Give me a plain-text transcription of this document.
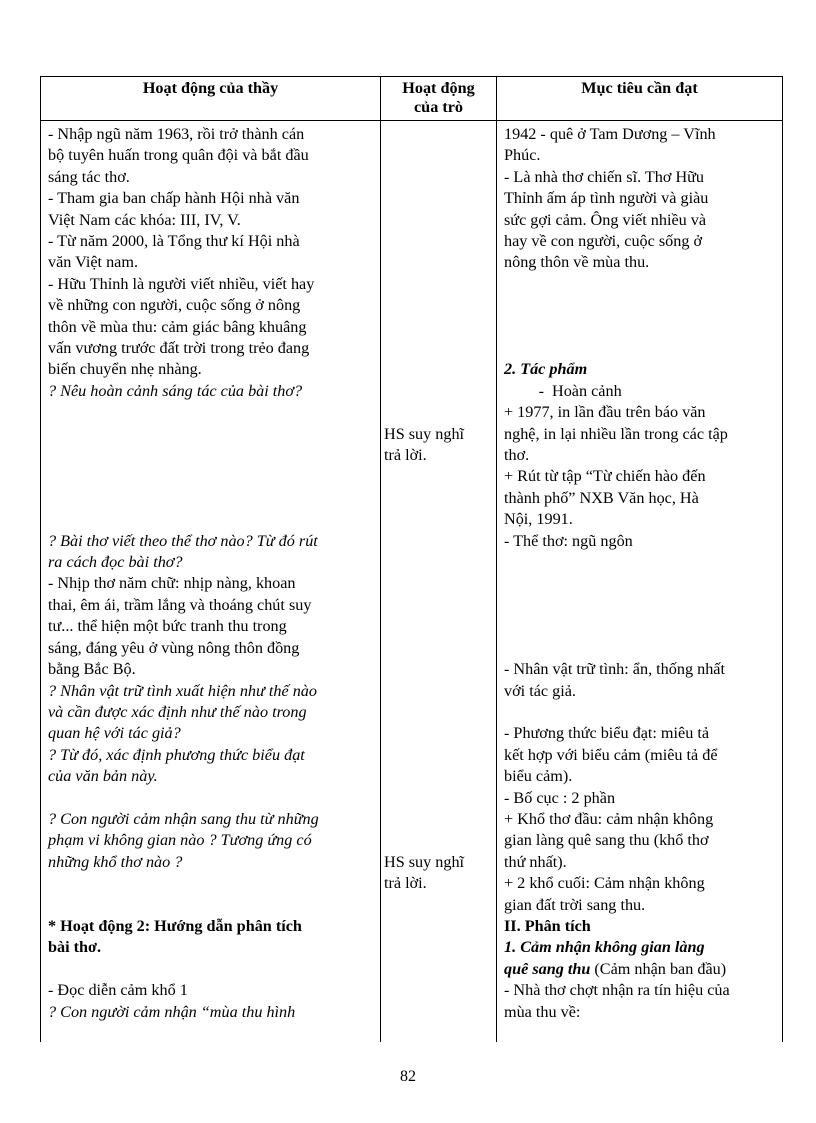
Hoạt động của thầy	Hoạt động
của trò
Mục tiêu cần đạt
- Nhập ngũ năm 1963, rồi trở thành cán
bộ tuyên huấn trong quân đội và bắt đầu
sáng tác thơ.
- Tham gia ban chấp hành Hội nhà văn
Việt Nam các khóa: III, IV, V.
- Từ năm 2000, là Tổng thư kí Hội nhà
văn Việt nam.
- Hữu Thỉnh là người viết nhiều, viết hay
về những con người, cuộc sống ở nông
thôn về mùa thu: cảm giác bâng khuâng
vấn vương trước đất trời trong trẻo đang
biến chuyển nhẹ nhàng.
? Nêu hoàn cảnh sáng tác của bài thơ?
? Bài thơ viết theo thể thơ nào? Từ đó rút
ra cách đọc bài thơ?
- Nhịp thơ năm chữ: nhịp nàng, khoan
thai, êm ái, trầm lắng và thoáng chút suy
tư... thể hiện một bức tranh thu trong
sáng, đáng yêu ở vùng nông thôn đồng
bằng Bắc Bộ.
? Nhân vật trữ tình xuất hiện như thế nào
và cần được xác định như thế nào trong
quan hệ với tác giả?
? Từ đó, xác định phương thức biểu đạt
của văn bản này.
? Con người cảm nhận sang thu từ những
phạm vi không gian nào ? Tương ứng có
những khổ thơ nào ?
* Hoạt động 2: Hướng dẫn phân tích
bài thơ.
- Đọc diễn cảm khổ 1
? Con người cảm nhận “mùa thu hình
HS suy nghĩ
trả lời.
HS suy nghĩ
trả lời.
1942 - quê ở Tam Dương – Vĩnh
Phúc.
- Là nhà thơ chiến sĩ. Thơ Hữu
Thỉnh ấm áp tình người và giàu
sức gợi cảm. Ông viết nhiều và
hay về con người, cuộc sống ở
nông thôn về mùa thu.
2. Tác phẩm
- Hoàn cảnh
+ 1977, in lần đầu trên báo văn
nghệ, in lại nhiều lần trong các tập
thơ.
+ Rút từ tập “Từ chiến hào đến
thành phố” NXB Văn học, Hà
Nội, 1991.
- Thể thơ: ngũ ngôn
- Nhân vật trữ tình: ẩn, thống nhất
với tác giả.
- Phương thức biểu đạt: miêu tả
kết hợp với biểu cảm (miêu tả để
biểu cảm).
- Bố cục : 2 phần
+ Khổ thơ đầu: cảm nhận không
gian làng quê sang thu (khổ thơ
thứ nhất).
+ 2 khổ cuối: Cảm nhận không
gian đất trời sang thu.
II. Phân tích
1. Cảm nhận không gian làng
quê sang thu (Cảm nhận ban đầu)
- Nhà thơ chợt nhận ra tín hiệu của
mùa thu về:
82
